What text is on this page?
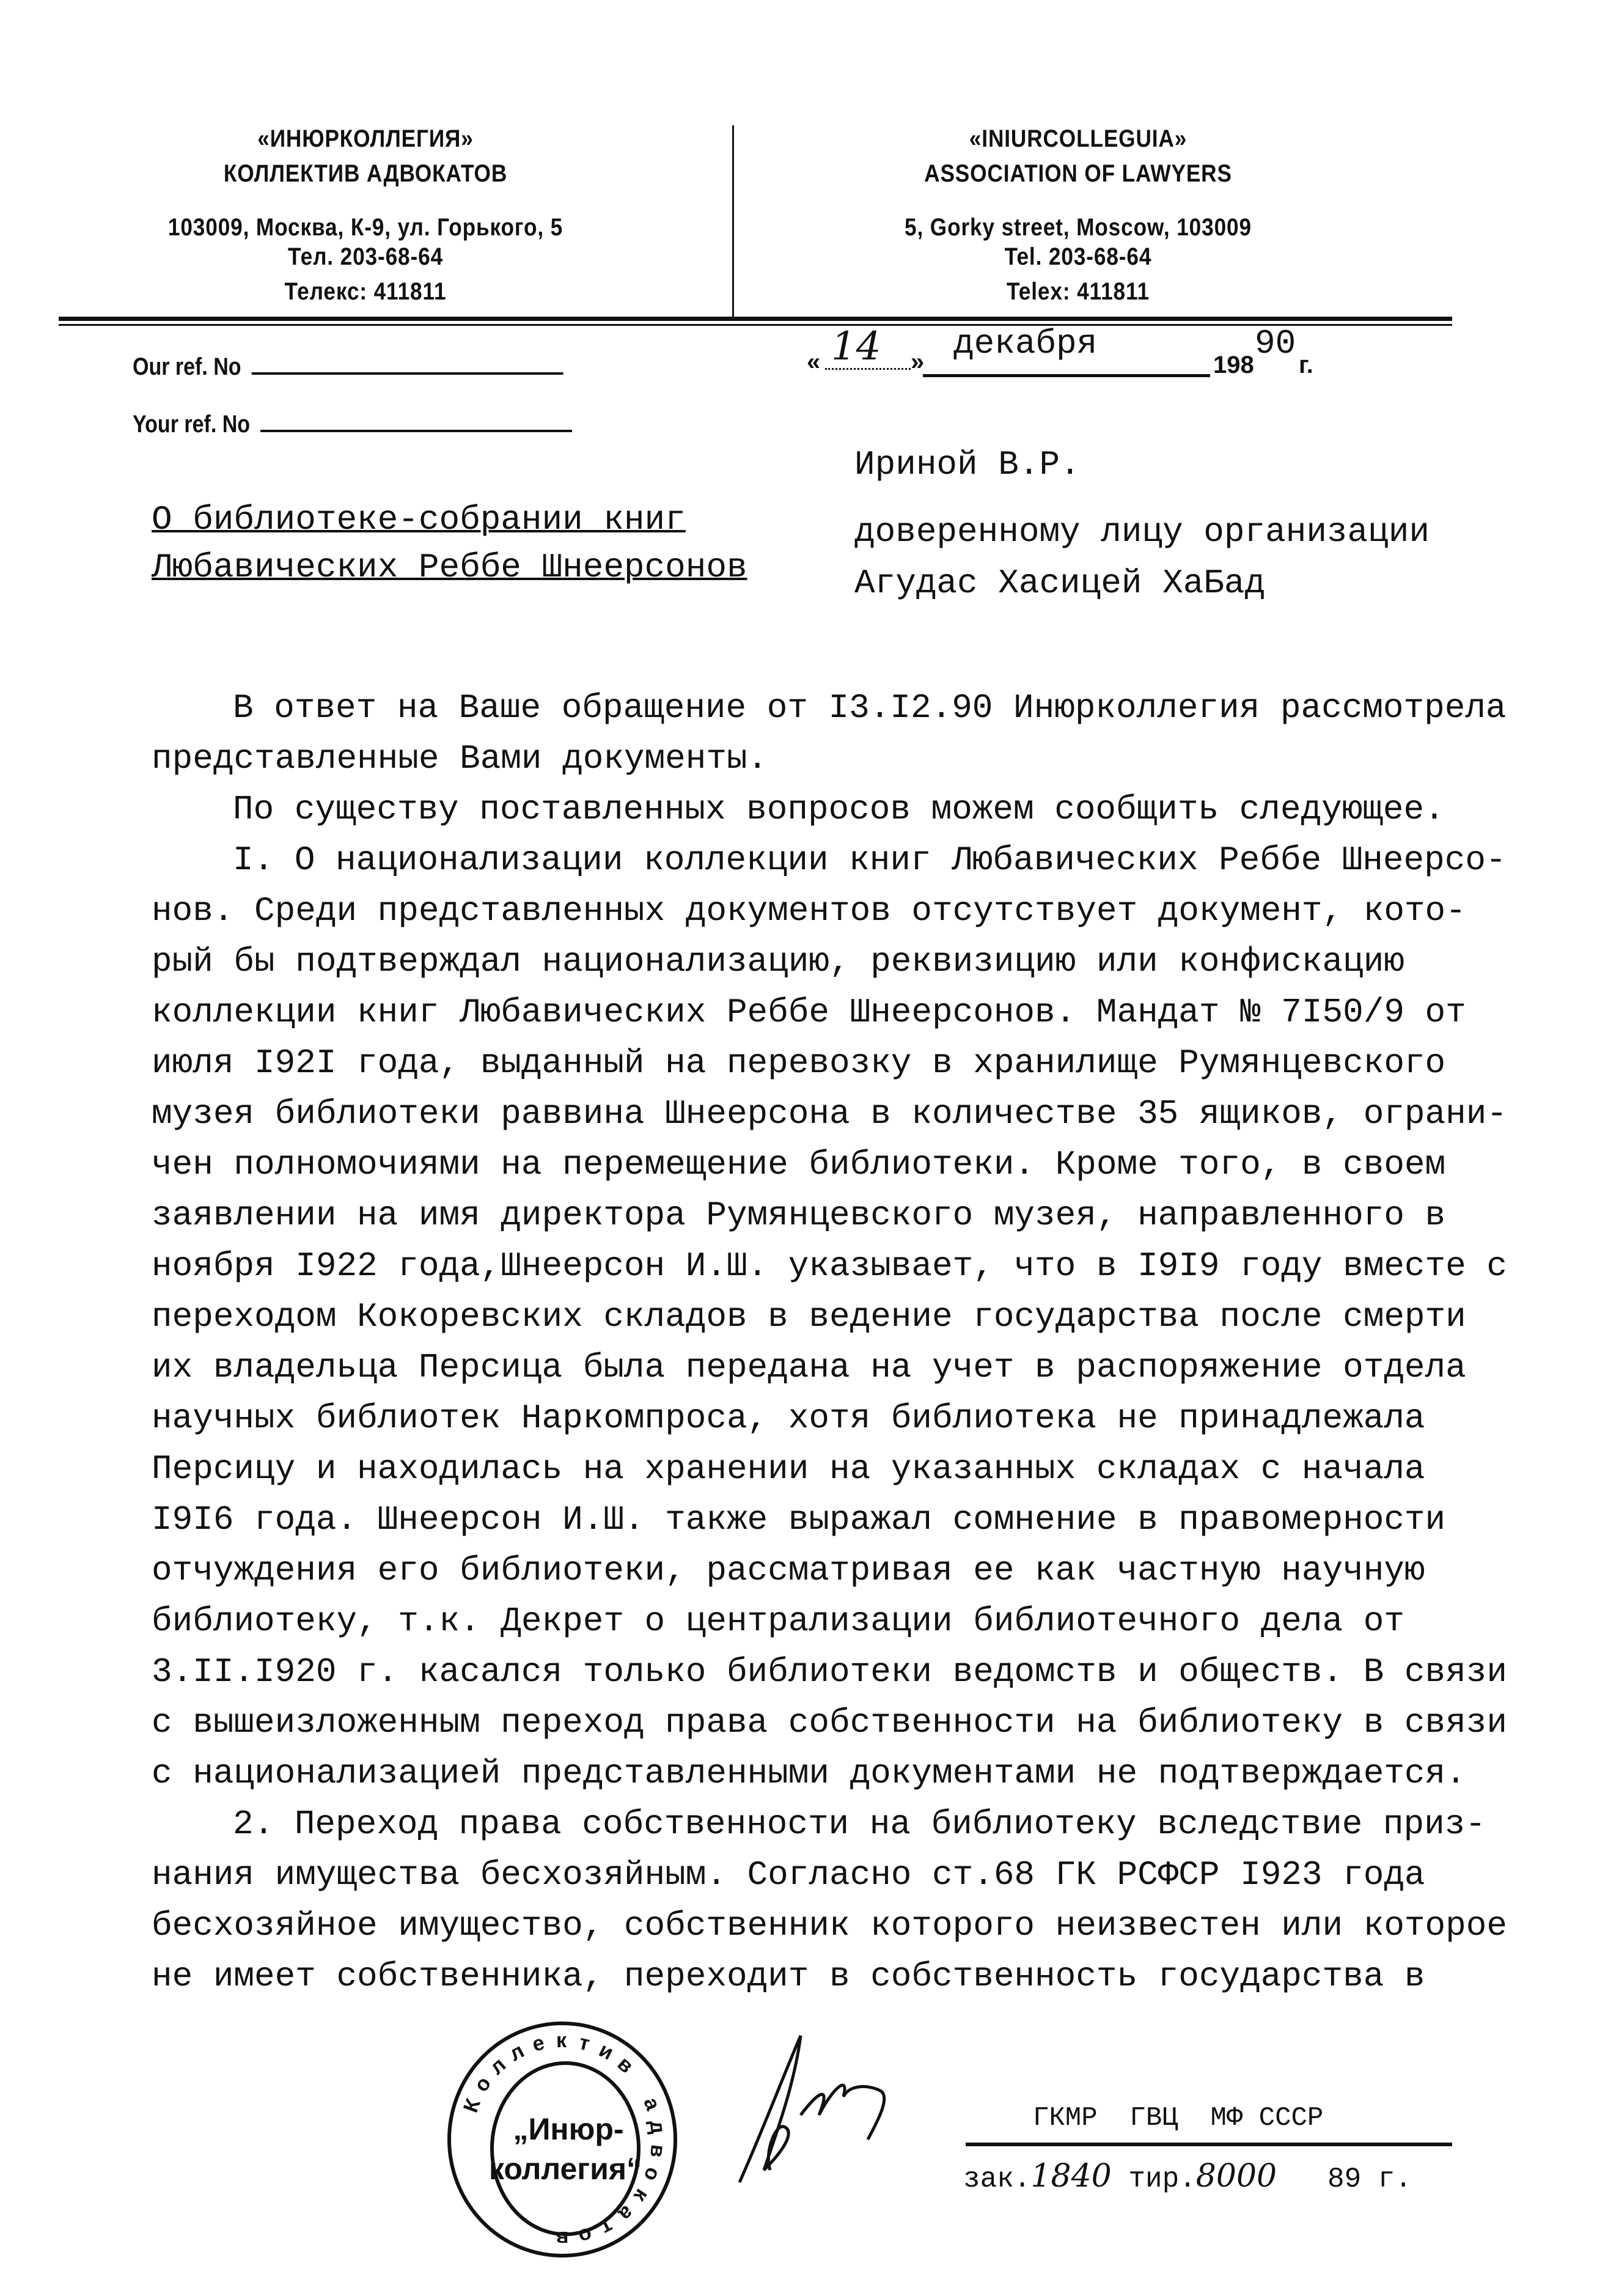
«ИНЮРКОЛЛЕГИЯ»
КОЛЛЕКТИВ АДВОКАТОВ
103009, Москва, К-9, ул. Горького, 5
Тел. 203-68-64
Телекс: 411811
«INIURCOLLEGUIA»
ASSOCIATION OF LAWYERS
5, Gorky street, Moscow, 103009
Tel. 203-68-64
Telex: 411811
Our ref. No
Your ref. No
« 14 » декабря
198
90
г.
Ириной В.Р.
доверенному лицу организации
Агудас Хасицей ХаБад
О библиотеке-собрании книг
Любавических Реббе Шнеерсонов
В ответ на Ваше обращение от I3.I2.90 Инюрколлегия рассмотрела
представленные Вами документы.
По существу поставленных вопросов можем сообщить следующее.
I. О национализации коллекции книг Любавических Реббе Шнеерсо-
нов. Среди представленных документов отсутствует документ, кото-
рый бы подтверждал национализацию, реквизицию или конфискацию
коллекции книг Любавических Реббе Шнеерсонов. Мандат № 7I50/9 от
июля I92I года, выданный на перевозку в хранилище Румянцевского
музея библиотеки раввина Шнеерсона в количестве 35 ящиков, ограни-
чен полномочиями на перемещение библиотеки. Кроме того, в своем
заявлении на имя директора Румянцевского музея, направленного в
ноября I922 года,Шнеерсон И.Ш. указывает, что в I9I9 году вместе с
переходом Кокоревских складов в ведение государства после смерти
их владельца Персица была передана на учет в распоряжение отдела
научных библиотек Наркомпроса, хотя библиотека не принадлежала
Персицу и находилась на хранении на указанных складах с начала
I9I6 года. Шнеерсон И.Ш. также выражал сомнение в правомерности
отчуждения его библиотеки, рассматривая ее как частную научную
библиотеку, т.к. Декрет о централизации библиотечного дела от
3.II.I920 г. касался только библиотеки ведомств и обществ. В связи
с вышеизложенным переход права собственности на библиотеку в связи
с национализацией представленными документами не подтверждается.
2. Переход права собственности на библиотеку вследствие приз-
нания имущества бесхозяйным. Согласно ст.68 ГК РСФСР I923 года
бесхозяйное имущество, собственник которого неизвестен или которое
не имеет собственника, переходит в собственность государства в
К
о
л
л е к т и
в
а
д
в
о
к
а
т
о
в
„Инюр-
коллегия“
ГКМР  ГВЦ  МФ СССР

зак.1840 тир.8000 89 г.
